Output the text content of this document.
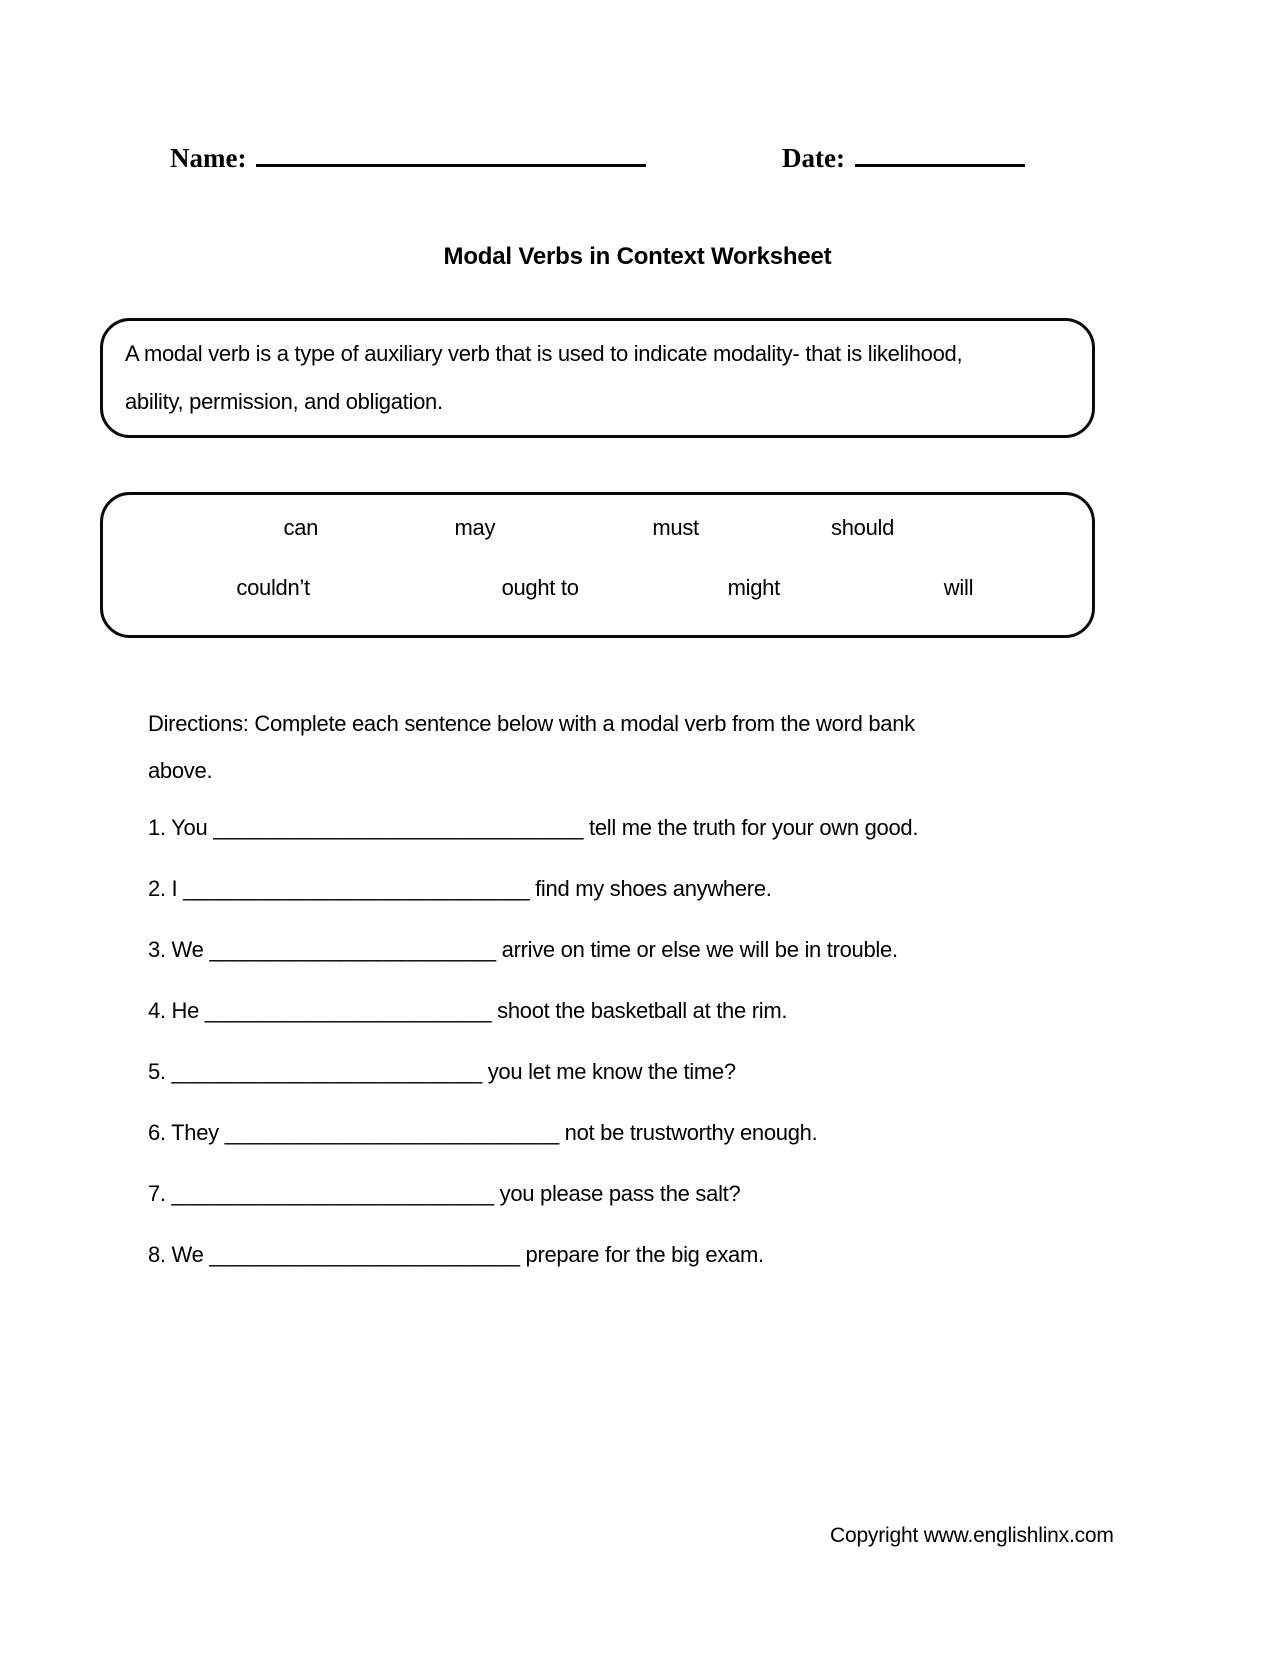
Name:	Date:
Modal Verbs in Context Worksheet

A modal verb is a type of auxiliary verb that is used to indicate modality- that is likelihood, ability, permission, and obligation.

can	may	must	should
couldn’t	ought to	might	will

Directions: Complete each sentence below with a modal verb from the word bank above.

1. You _______________________________ tell me the truth for your own good.
2. I _____________________________ find my shoes anywhere.
3. We ________________________ arrive on time or else we will be in trouble.
4. He ________________________ shoot the basketball at the rim.
5. __________________________ you let me know the time?
6. They ____________________________ not be trustworthy enough.
7. ___________________________ you please pass the salt?
8. We __________________________ prepare for the big exam.
Copyright www.englishlinx.com
